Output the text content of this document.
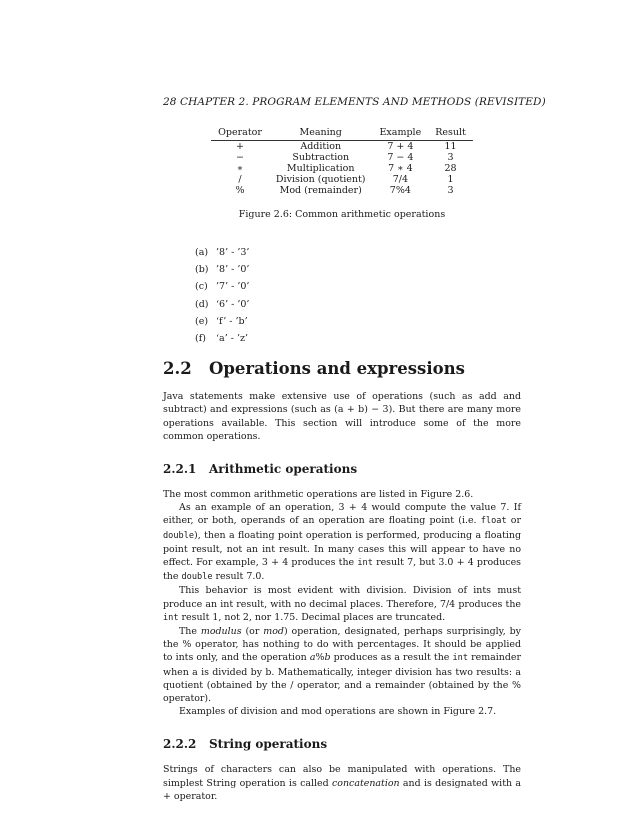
28 CHAPTER 2. PROGRAM ELEMENTS AND METHODS (REVISITED)
Operator	Meaning	Example	Result
+	Addition	7 + 4	11
−	Subtraction	7 − 4	3
∗	Multiplication	7 ∗ 4	28
/	Division (quotient)	7/4	1
%	Mod (remainder)	7%4	3
Figure 2.6: Common arithmetic operations
(a) ’8’ - ’3’
(b) ’8’ - ’0’
(c) ’7’ - ’0’
(d) ‘6’ - ’0’
(e) ‘f’ - ’b’
(f) ‘a’ - ’z’
2.2 Operations and expressions
Java statements make extensive use of operations (such as add and subtract) and expressions (such as (a + b) − 3). But there are many more operations available. This section will introduce some of the more common operations.
2.2.1 Arithmetic operations
The most common arithmetic operations are listed in Figure 2.6.
As an example of an operation, 3 + 4 would compute the value 7. If either, or both, operands of an operation are floating point (i.e. float or double), then a floating point operation is performed, producing a floating point result, not an int result. In many cases this will appear to have no effect. For example, 3 + 4 produces the int result 7, but 3.0 + 4 produces the double result 7.0.
This behavior is most evident with division. Division of ints must produce an int result, with no decimal places. Therefore, 7/4 produces the int result 1, not 2, nor 1.75. Decimal places are truncated.
The modulus (or mod) operation, designated, perhaps surprisingly, by the % operator, has nothing to do with percentages. It should be applied to ints only, and the operation a%b produces as a result the int remainder when a is divided by b. Mathematically, integer division has two results: a quotient (obtained by the / operator, and a remainder (obtained by the % operator).
Examples of division and mod operations are shown in Figure 2.7.
2.2.2 String operations
Strings of characters can also be manipulated with operations. The simplest String operation is called concatenation and is designated with a + operator.
